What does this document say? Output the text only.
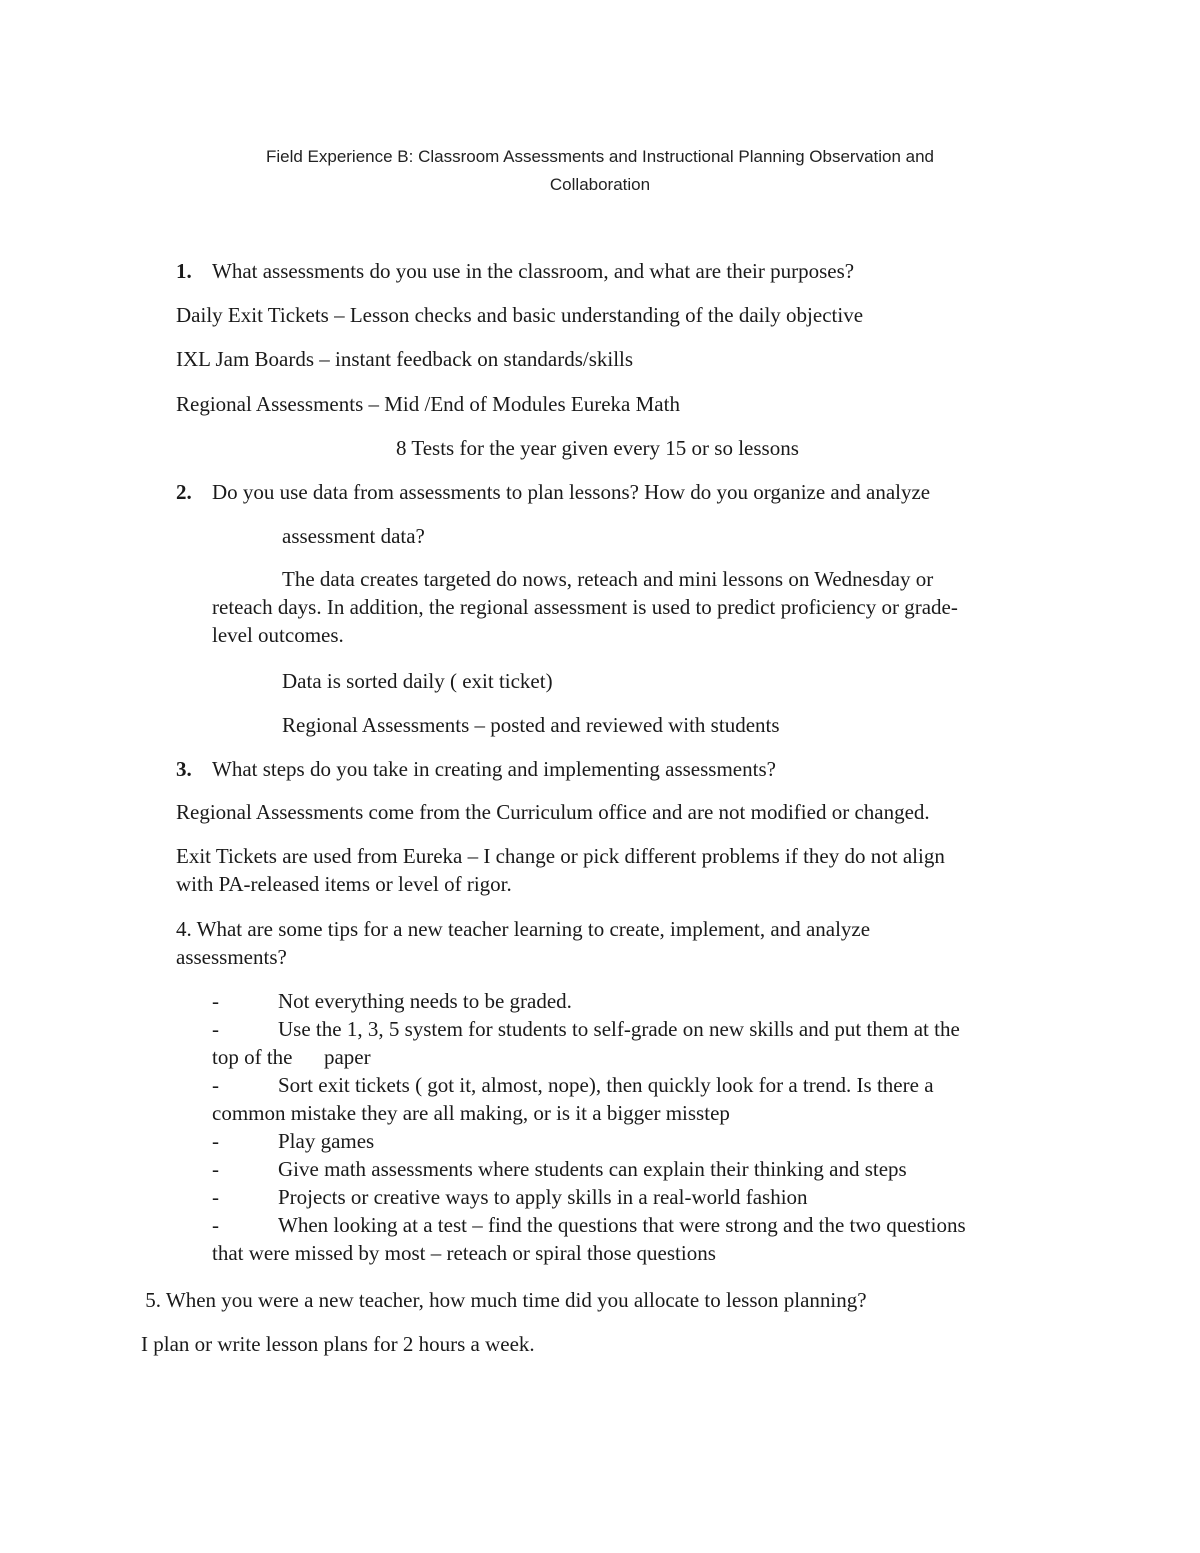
Field Experience B: Classroom Assessments and Instructional Planning Observation and
Collaboration
1. What assessments do you use in the classroom, and what are their purposes?
Daily Exit Tickets – Lesson checks and basic understanding of the daily objective
IXL Jam Boards – instant feedback on standards/skills
Regional Assessments – Mid /End of Modules Eureka Math
8 Tests for the year given every 15 or so lessons
2. Do you use data from assessments to plan lessons? How do you organize and analyze
assessment data?
The data creates targeted do nows, reteach and mini lessons on Wednesday or
reteach days. In addition, the regional assessment is used to predict proficiency or grade-
level outcomes.
Data is sorted daily ( exit ticket)
Regional Assessments – posted and reviewed with students
3. What steps do you take in creating and implementing assessments?
Regional Assessments come from the Curriculum office and are not modified or changed.
Exit Tickets are used from Eureka – I change or pick different problems if they do not align
with PA-released items or level of rigor.
4. What are some tips for a new teacher learning to create, implement, and analyze
assessments?
-	Not everything needs to be graded.
-	Use the 1, 3, 5 system for students to self-grade on new skills and put them at the
top of the      paper
-	Sort exit tickets ( got it, almost, nope), then quickly look for a trend. Is there a
common mistake they are all making, or is it a bigger misstep
-	Play games
-	Give math assessments where students can explain their thinking and steps
-	Projects or creative ways to apply skills in a real-world fashion
-	When looking at a test – find the questions that were strong and the two questions
that were missed by most – reteach or spiral those questions
5. When you were a new teacher, how much time did you allocate to lesson planning?
I plan or write lesson plans for 2 hours a week.
